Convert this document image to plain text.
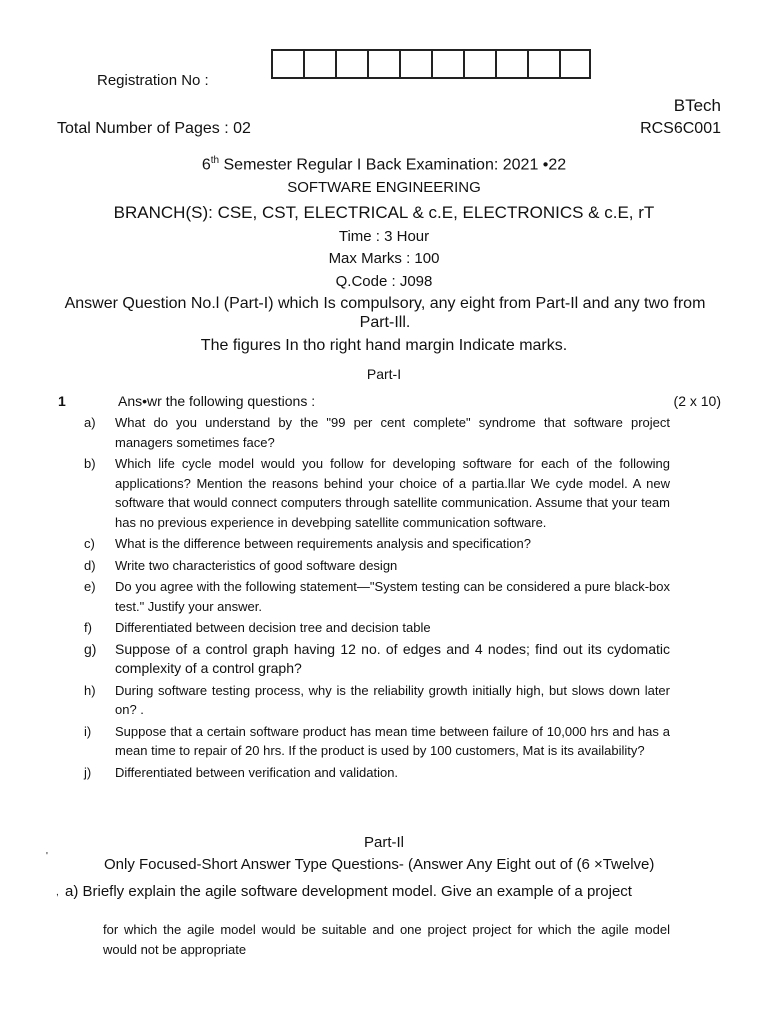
Registration No :
BTech
Total Number of Pages : 02	RCS6C001
6th Semester Regular I Back Examination: 2021 •22
SOFTWARE ENGINEERING
BRANCH(S): CSE, CST, ELECTRICAL & c.E, ELECTRONICS & c.E, rT
Time : 3 Hour
Max Marks : 100
Q.Code : J098
Answer Question No.l (Part-I) which Is compulsory, any eight from Part-Il and any two from Part-Ill.
The figures In tho right hand margin Indicate marks.
Part-I
1	Ans•wr the following questions :	(2 x 10)
a)	What do you understand by the "99 per cent complete" syndrome that software project managers sometimes face?
b)	Which life cycle model would you follow for developing software for each of the following applications? Mention the reasons behind your choice of a partia.llar We cyde model. A new software that would connect computers through satellite communication. Assume that your team has no previous experience in devebping satellite communication software.
c)	What is the difference between requirements analysis and specification?
d)	Write two characteristics of good software design
e)	Do you agree with the following statement—"System testing can be considered a pure black-box test." Justify your answer.
f)	Differentiated between decision tree and decision table
g)	Suppose of a control graph having 12 no. of edges and 4 nodes; find out its cydomatic complexity of a control graph?
h)	During software testing process, why is the reliability growth initially high, but slows down later on? .
i)	Suppose that a certain software product has mean time between failure of 10,000 hrs and has a mean time to repair of 20 hrs. If the product is used by 100 customers, Mat is its availability?
j)	Differentiated between verification and validation.
Part-Il
'	Only Focused-Short Answer Type Questions- (Answer Any Eight out of (6 ×Twelve)
, a) Briefly explain the agile software development model. Give an example of a project
for which the agile model would be suitable and one project project for which the agile model would not be appropriate
